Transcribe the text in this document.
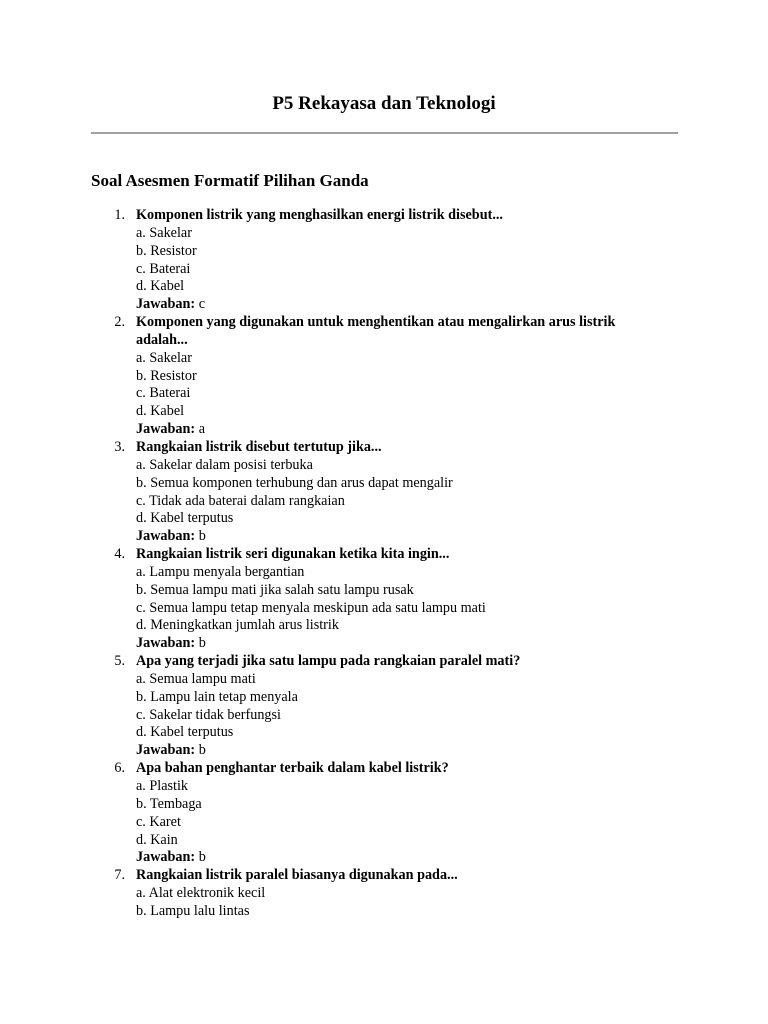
P5 Rekayasa dan Teknologi
Soal Asesmen Formatif Pilihan Ganda
1. Komponen listrik yang menghasilkan energi listrik disebut...
a. Sakelar
b. Resistor
c. Baterai
d. Kabel
Jawaban: c
2. Komponen yang digunakan untuk menghentikan atau mengalirkan arus listrik adalah...
a. Sakelar
b. Resistor
c. Baterai
d. Kabel
Jawaban: a
3. Rangkaian listrik disebut tertutup jika...
a. Sakelar dalam posisi terbuka
b. Semua komponen terhubung dan arus dapat mengalir
c. Tidak ada baterai dalam rangkaian
d. Kabel terputus
Jawaban: b
4. Rangkaian listrik seri digunakan ketika kita ingin...
a. Lampu menyala bergantian
b. Semua lampu mati jika salah satu lampu rusak
c. Semua lampu tetap menyala meskipun ada satu lampu mati
d. Meningkatkan jumlah arus listrik
Jawaban: b
5. Apa yang terjadi jika satu lampu pada rangkaian paralel mati?
a. Semua lampu mati
b. Lampu lain tetap menyala
c. Sakelar tidak berfungsi
d. Kabel terputus
Jawaban: b
6. Apa bahan penghantar terbaik dalam kabel listrik?
a. Plastik
b. Tembaga
c. Karet
d. Kain
Jawaban: b
7. Rangkaian listrik paralel biasanya digunakan pada...
a. Alat elektronik kecil
b. Lampu lalu lintas
